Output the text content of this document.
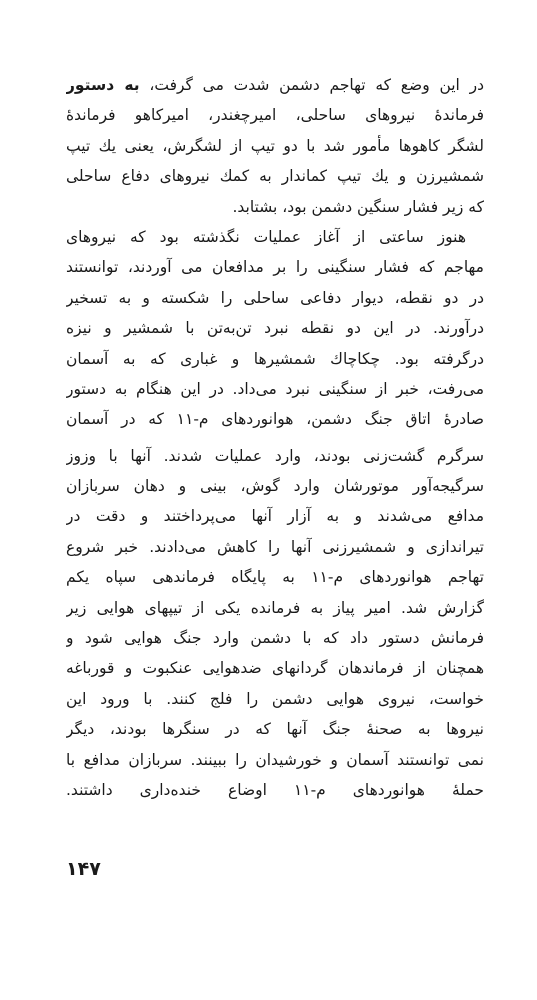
در این وضع که تهاجم دشمن شدت می گرفت، به دستور
فرماندهٔ نیروهای ساحلی، امیرچغندر، امیرکاهو فرماندهٔ
لشگر کاهوها مأمور شد با دو تیپ از لشگرش، یعنی یك تیپ
شمشیرزن و یك تیپ کماندار به کمك نیروهای دفاع ساحلی
که زیر فشار سنگین دشمن بود، بشتابد.
هنوز ساعتی از آغاز عملیات نگذشته بود که نیروهای
مهاجم که فشار سنگینی را بر مدافعان می آوردند، توانستند
در دو نقطه، دیوار دفاعی ساحلی را شکسته و به تسخیر
درآورند. در این دو نقطه نبرد تن‌به‌تن با شمشیر و نیزه
درگرفته بود. چکاچاك شمشیرها و غباری که به آسمان
می‌رفت، خبر از سنگینی نبرد می‌داد. در این هنگام به دستور
صادرهٔ اتاق جنگ دشمن، هوانوردهای م-۱۱ که در آسمان
سرگرم گشت‌زنی بودند، وارد عملیات شدند. آنها با وزوز
سرگیجه‌آور موتورشان وارد گوش، بینی و دهان سربازان
مدافع می‌شدند و به آزار آنها می‌پرداختند و دقت در
تیراندازی و شمشیرزنی آنها را کاهش می‌دادند. خبر شروع
تهاجم هوانوردهای م-۱۱ به پایگاه فرماندهی سپاه یکم
گزارش شد. امیر پیاز به فرمانده یکی از تیپهای هوایی زیر
فرمانش دستور داد که با دشمن وارد جنگ هوایی شود و
همچنان از فرماندهان گردانهای ضدهوایی عنکبوت و قورباغه
خواست، نیروی هوایی دشمن را فلج کنند. با ورود این
نیروها به صحنهٔ جنگ آنها که در سنگرها بودند، دیگر
نمی توانستند آسمان و خورشیدان را ببینند. سربازان مدافع با
حملهٔ هوانوردهای م-۱۱ اوضاع خنده‌داری داشتند.
۱۴۷
